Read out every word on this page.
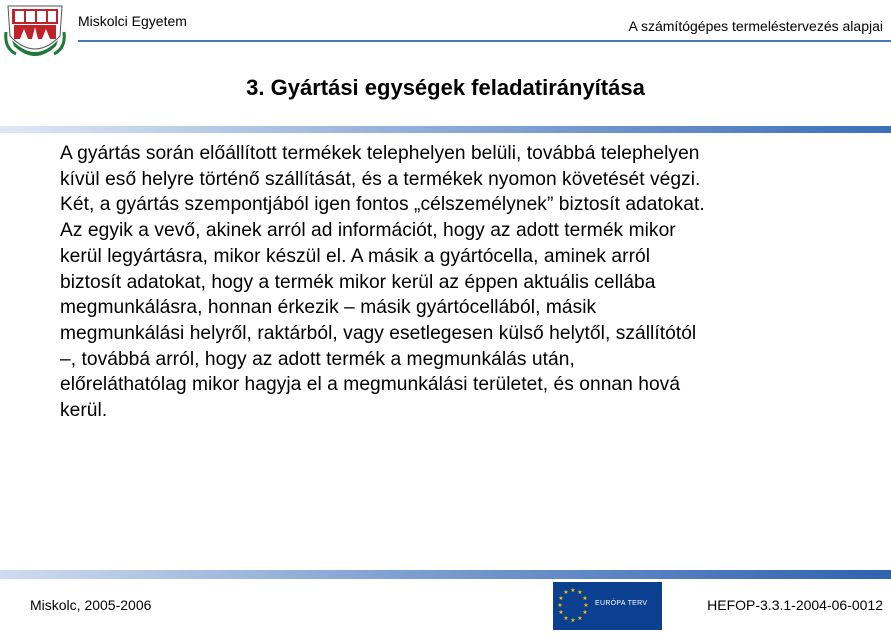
Miskolci Egyetem	A számítógépes termeléstervezés alapjai
3. Gyártási egységek feladatirányítása
A gyártás során előállított termékek telephelyen belüli, továbbá telephelyen
kívül eső helyre történő szállítását, és a termékek nyomon követését végzi.
Két, a gyártás szempontjából igen fontos „célszemélynek” biztosít adatokat.
Az egyik a vevő, akinek arról ad információt, hogy az adott termék mikor
kerül legyártásra, mikor készül el. A másik a gyártócella, aminek arról
biztosít adatokat, hogy a termék mikor kerül az éppen aktuális cellába
megmunkálásra, honnan érkezik – másik gyártócellából, másik
megmunkálási helyről, raktárból, vagy esetlegesen külső helytől, szállítótól
–, továbbá arról, hogy az adott termék a megmunkálás után,
előreláthatólag mikor hagyja el a megmunkálási területet, és onnan hová
kerül.
Miskolc, 2005-2006
★ ★
★
★
★
★
★
★
★
★
★
★
EURÓPA TERV	HEFOP-3.3.1-2004-06-0012
